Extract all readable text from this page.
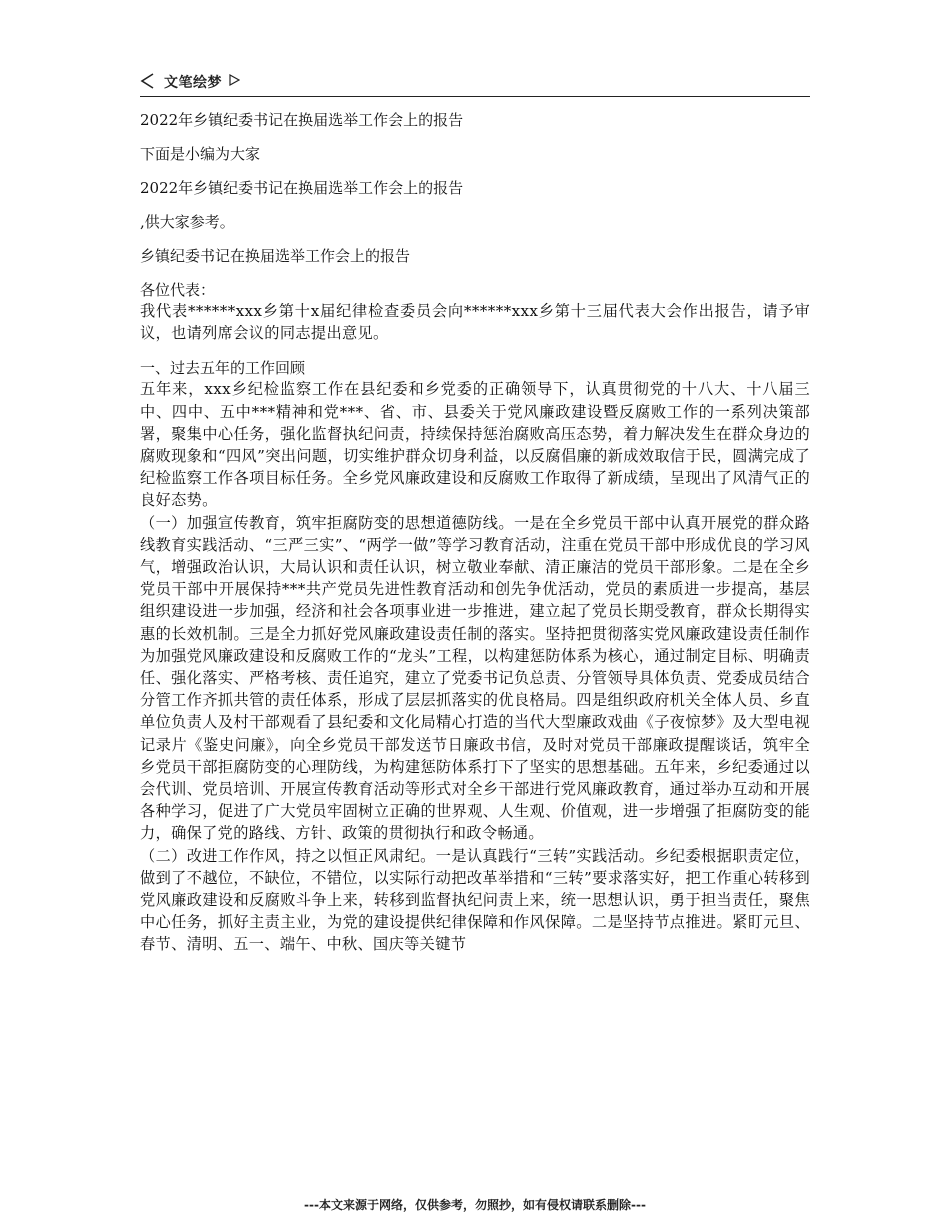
文笔绘梦

2022年乡镇纪委书记在换届选举工作会上的报告

下面是小编为大家

2022年乡镇纪委书记在换届选举工作会上的报告

,供大家参考。

乡镇纪委书记在换届选举工作会上的报告

各位代表：

我代表******xxx乡第十x届纪律检查委员会向******xxx乡第十三届代表大会作出报告，请予审议，也请列席会议的同志提出意见。

一、过去五年的工作回顾

五年来，xxx乡纪检监察工作在县纪委和乡党委的正确领导下，认真贯彻党的十八大、十八届三中、四中、五中***精神和党***、省、市、县委关于党风廉政建设暨反腐败工作的一系列决策部署，聚集中心任务，强化监督执纪问责，持续保持惩治腐败高压态势，着力解决发生在群众身边的腐败现象和“四风”突出问题，切实维护群众切身利益，以反腐倡廉的新成效取信于民，圆满完成了纪检监察工作各项目标任务。全乡党风廉政建设和反腐败工作取得了新成绩，呈现出了风清气正的良好态势。

（一）加强宣传教育，筑牢拒腐防变的思想道德防线。一是在全乡党员干部中认真开展党的群众路线教育实践活动、“三严三实”、“两学一做”等学习教育活动，注重在党员干部中形成优良的学习风气，增强政治认识，大局认识和责任认识，树立敬业奉献、清正廉洁的党员干部形象。二是在全乡党员干部中开展保持***共产党员先进性教育活动和创先争优活动，党员的素质进一步提高，基层组织建设进一步加强，经济和社会各项事业进一步推进，建立起了党员长期受教育，群众长期得实惠的长效机制。三是全力抓好党风廉政建设责任制的落实。坚持把贯彻落实党风廉政建设责任制作为加强党风廉政建设和反腐败工作的“龙头”工程，以构建惩防体系为核心，通过制定目标、明确责任、强化落实、严格考核、责任追究，建立了党委书记负总责、分管领导具体负责、党委成员结合分管工作齐抓共管的责任体系，形成了层层抓落实的优良格局。四是组织政府机关全体人员、乡直单位负责人及村干部观看了县纪委和文化局精心打造的当代大型廉政戏曲《子夜惊梦》及大型电视记录片《鉴史问廉》，向全乡党员干部发送节日廉政书信，及时对党员干部廉政提醒谈话，筑牢全乡党员干部拒腐防变的心理防线，为构建惩防体系打下了坚实的思想基础。五年来，乡纪委通过以会代训、党员培训、开展宣传教育活动等形式对全乡干部进行党风廉政教育，通过举办互动和开展各种学习，促进了广大党员牢固树立正确的世界观、人生观、价值观，进一步增强了拒腐防变的能力，确保了党的路线、方针、政策的贯彻执行和政令畅通。

（二）改进工作作风，持之以恒正风肃纪。一是认真践行“三转”实践活动。乡纪委根据职责定位，做到了不越位，不缺位，不错位，以实际行动把改革举措和“三转”要求落实好，把工作重心转移到党风廉政建设和反腐败斗争上来，转移到监督执纪问责上来，统一思想认识，勇于担当责任，聚焦中心任务，抓好主责主业，为党的建设提供纪律保障和作风保障。二是坚持节点推进。紧盯元旦、春节、清明、五一、端午、中秋、国庆等关键节

---本文来源于网络，仅供参考，勿照抄，如有侵权请联系删除---
